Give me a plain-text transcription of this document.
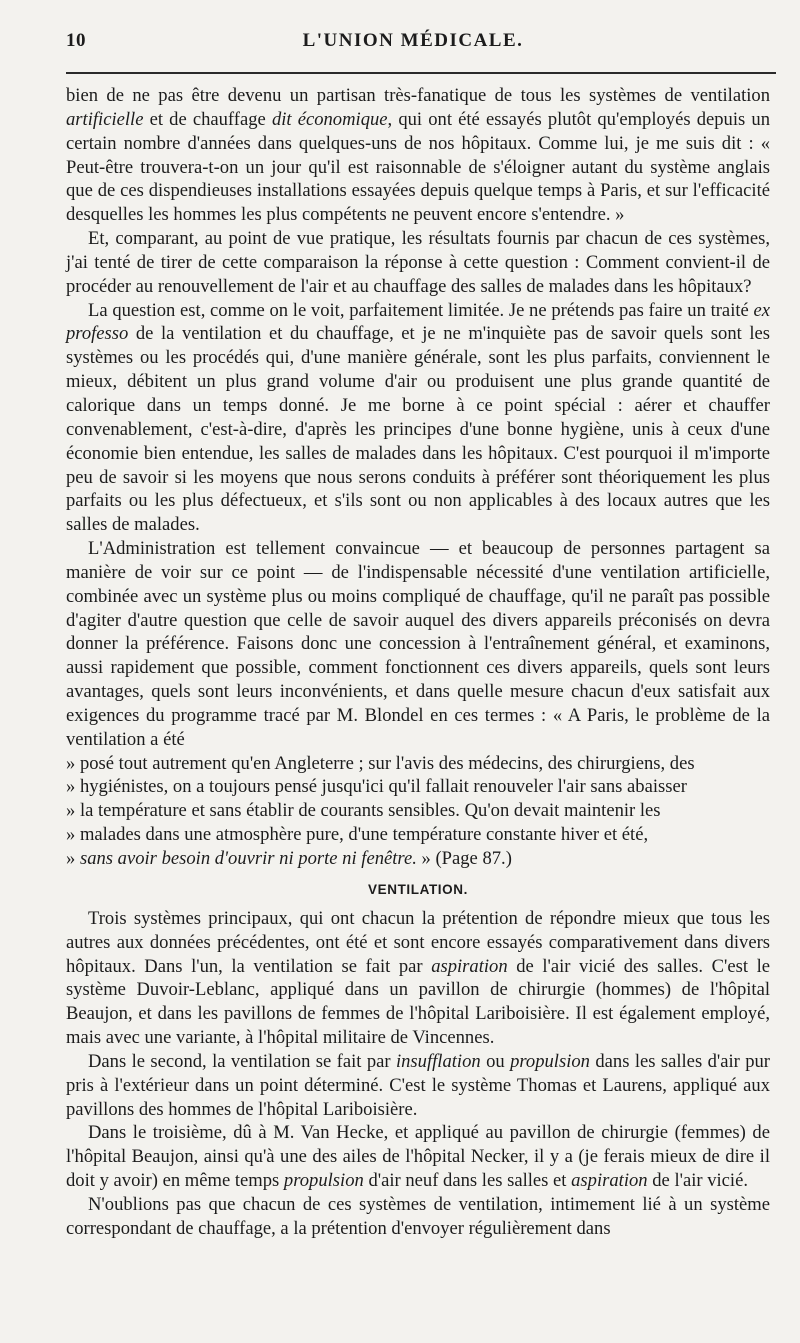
10	L'UNION MÉDICALE.

bien de ne pas être devenu un partisan très-fanatique de tous les systèmes de ventilation artificielle et de chauffage dit économique, qui ont été essayés plutôt qu'employés depuis un certain nombre d'années dans quelques-uns de nos hôpitaux. Comme lui, je me suis dit : « Peut-être trouvera-t-on un jour qu'il est raisonnable de s'éloigner autant du système anglais que de ces dispendieuses installations essayées depuis quelque temps à Paris, et sur l'efficacité desquelles les hommes les plus compétents ne peuvent encore s'entendre. »

Et, comparant, au point de vue pratique, les résultats fournis par chacun de ces systèmes, j'ai tenté de tirer de cette comparaison la réponse à cette question : Comment convient-il de procéder au renouvellement de l'air et au chauffage des salles de malades dans les hôpitaux?

La question est, comme on le voit, parfaitement limitée. Je ne prétends pas faire un traité ex professo de la ventilation et du chauffage, et je ne m'inquiète pas de savoir quels sont les systèmes ou les procédés qui, d'une manière générale, sont les plus parfaits, conviennent le mieux, débitent un plus grand volume d'air ou produisent une plus grande quantité de calorique dans un temps donné. Je me borne à ce point spécial : aérer et chauffer convenablement, c'est-à-dire, d'après les principes d'une bonne hygiène, unis à ceux d'une économie bien entendue, les salles de malades dans les hôpitaux. C'est pourquoi il m'importe peu de savoir si les moyens que nous serons conduits à préférer sont théoriquement les plus parfaits ou les plus défectueux, et s'ils sont ou non applicables à des locaux autres que les salles de malades.

L'Administration est tellement convaincue — et beaucoup de personnes partagent sa manière de voir sur ce point — de l'indispensable nécessité d'une ventilation artificielle, combinée avec un système plus ou moins compliqué de chauffage, qu'il ne paraît pas possible d'agiter d'autre question que celle de savoir auquel des divers appareils préconisés on devra donner la préférence. Faisons donc une concession à l'entraînement général, et examinons, aussi rapidement que possible, comment fonctionnent ces divers appareils, quels sont leurs avantages, quels sont leurs inconvénients, et dans quelle mesure chacun d'eux satisfait aux exigences du programme tracé par M. Blondel en ces termes : « A Paris, le problème de la ventilation a été

» posé tout autrement qu'en Angleterre ; sur l'avis des médecins, des chirurgiens, des

» hygiénistes, on a toujours pensé jusqu'ici qu'il fallait renouveler l'air sans abaisser

» la température et sans établir de courants sensibles. Qu'on devait maintenir les

» malades dans une atmosphère pure, d'une température constante hiver et été,

» sans avoir besoin d'ouvrir ni porte ni fenêtre. » (Page 87.)

VENTILATION.

Trois systèmes principaux, qui ont chacun la prétention de répondre mieux que tous les autres aux données précédentes, ont été et sont encore essayés comparativement dans divers hôpitaux. Dans l'un, la ventilation se fait par aspiration de l'air vicié des salles. C'est le système Duvoir-Leblanc, appliqué dans un pavillon de chirurgie (hommes) de l'hôpital Beaujon, et dans les pavillons de femmes de l'hôpital Lariboisière. Il est également employé, mais avec une variante, à l'hôpital militaire de Vincennes.

Dans le second, la ventilation se fait par insufflation ou propulsion dans les salles d'air pur pris à l'extérieur dans un point déterminé. C'est le système Thomas et Laurens, appliqué aux pavillons des hommes de l'hôpital Lariboisière.

Dans le troisième, dû à M. Van Hecke, et appliqué au pavillon de chirurgie (femmes) de l'hôpital Beaujon, ainsi qu'à une des ailes de l'hôpital Necker, il y a (je ferais mieux de dire il doit y avoir) en même temps propulsion d'air neuf dans les salles et aspiration de l'air vicié.

N'oublions pas que chacun de ces systèmes de ventilation, intimement lié à un système correspondant de chauffage, a la prétention d'envoyer régulièrement dans
